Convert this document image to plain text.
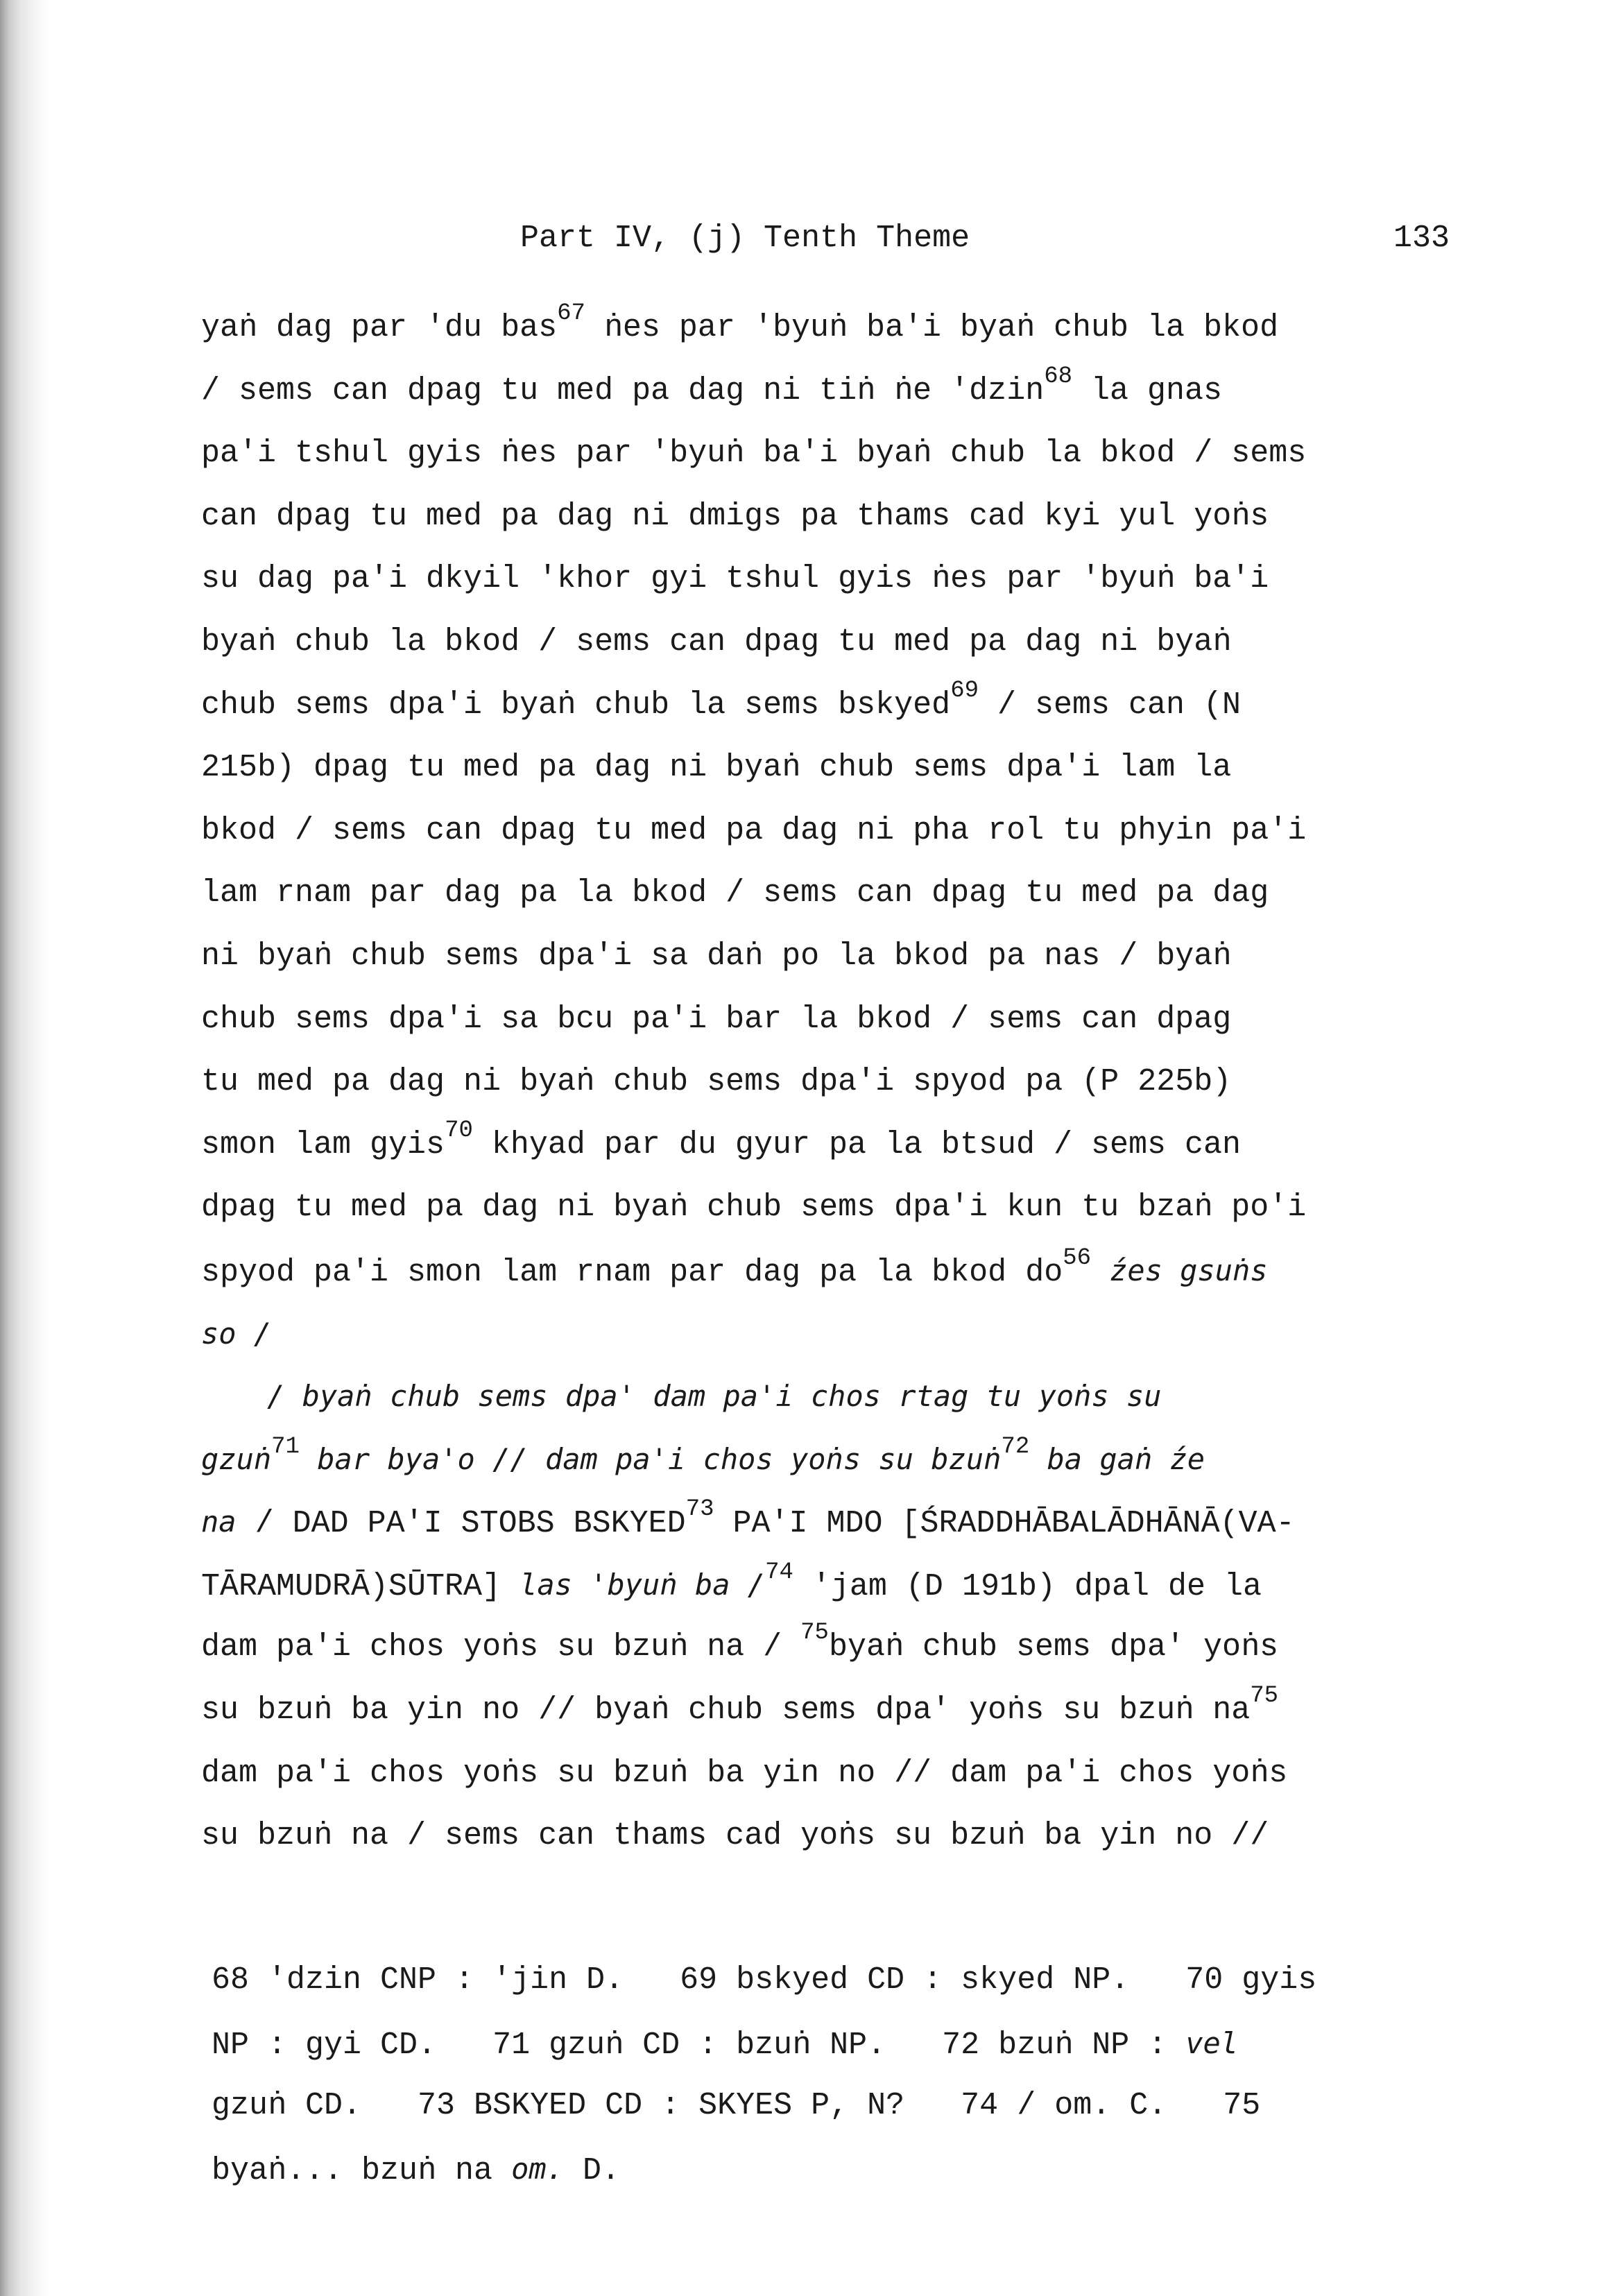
Part IV, (j) Tenth Theme	133
yaṅ dag par 'du bas$^{67}$ ṅes par 'byuṅ ba'i byaṅ chub la bkod
/ sems can dpag tu med pa dag ni tiṅ ṅe 'dzin$^{68}$ la gnas
pa'i tshul gyis ṅes par 'byuṅ ba'i byaṅ chub la bkod / sems
can dpag tu med pa dag ni dmigs pa thams cad kyi yul yoṅs
su dag pa'i dkyil 'khor gyi tshul gyis ṅes par 'byuṅ ba'i
byaṅ chub la bkod / sems can dpag tu med pa dag ni byaṅ
chub sems dpa'i byaṅ chub la sems bskyed$^{69}$ / sems can (N
215b) dpag tu med pa dag ni byaṅ chub sems dpa'i lam la
bkod / sems can dpag tu med pa dag ni pha rol tu phyin pa'i
lam rnam par dag pa la bkod / sems can dpag tu med pa dag
ni byaṅ chub sems dpa'i sa daṅ po la bkod pa nas / byaṅ
chub sems dpa'i sa bcu pa'i bar la bkod / sems can dpag
tu med pa dag ni byaṅ chub sems dpa'i spyod pa (P 225b)
smon lam gyis$^{70}$ khyad par du gyur pa la btsud / sems can
dpag tu med pa dag ni byaṅ chub sems dpa'i kun tu bzaṅ po'i
spyod pa'i smon lam rnam par dag pa la bkod $do^{56}$ źes gsuṅs
so /
/ byaṅ chub sems dpa' dam pa'i chos rtag tu yoṅs su
gzuṅ$^{71}$ bar bya'o // dam pa'i chos yoṅs su bzuṅ$^{72}$ ba gaṅ źe
na / DAD PA'I STOBS BSKYED$^{73}$ PA'I MDO [ŚRADDHĀBALĀDHĀNĀ(VA-
TĀRAMUDRĀ)SŪTRA] las 'byuṅ ba /$^{74}$ 'jam (D 191b) dpal de la
dam pa'i chos yoṅs su bzuṅ na / $^{75}$byaṅ chub sems dpa' yoṅs
su bzuṅ ba yin no // byaṅ chub sems dpa' yoṅs su bzuṅ $na^{75}$
dam pa'i chos yoṅs su bzuṅ ba yin no // dam pa'i chos yoṅs
su bzuṅ na / sems can thams cad yoṅs su bzuṅ ba yin no //
68 'dzin CNP : 'jin D.   69 bskyed CD : skyed NP.   70 gyis
NP : gyi CD.   71 gzuṅ CD : bzuṅ NP.   72 bzuṅ NP : vel
gzuṅ CD.   73 BSKYED CD : SKYES P, N?   74 / om. C.   75
byaṅ... bzuṅ na om. D.
